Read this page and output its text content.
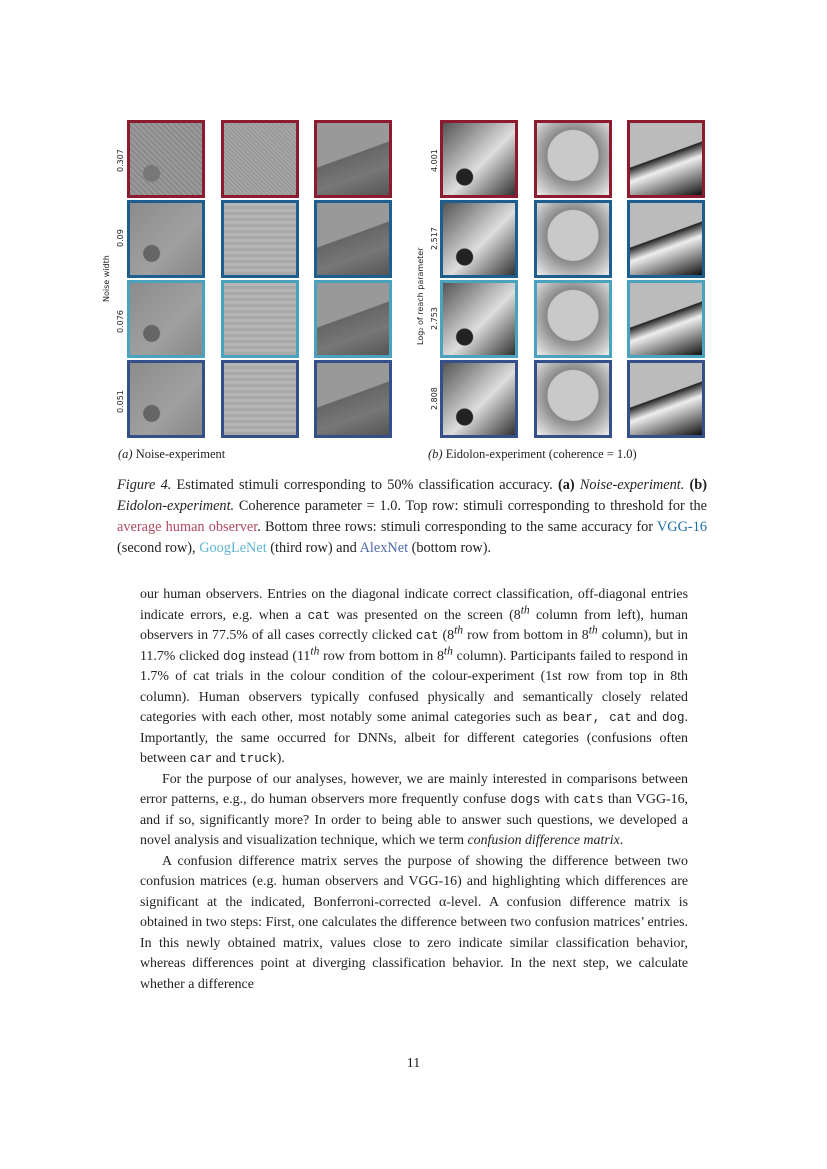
Noise width
0.307
0.09
0.076
0.051
(a) Noise-experiment
Log₂ of reach parameter
4.001
2.517
2.753
2.808
(b) Eidolon-experiment (coherence = 1.0)
Figure 4. Estimated stimuli corresponding to 50% classification accuracy. (a) Noise-experiment. (b) Eidolon-experiment. Coherence parameter = 1.0. Top row: stimuli corresponding to threshold for the average human observer. Bottom three rows: stimuli corresponding to the same accuracy for VGG-16 (second row), GoogLeNet (third row) and AlexNet (bottom row).

our human observers. Entries on the diagonal indicate correct classification, off-diagonal entries indicate errors, e.g. when a cat was presented on the screen (8th column from left), human observers in 77.5% of all cases correctly clicked cat (8th row from bottom in 8th column), but in 11.7% clicked dog instead (11th row from bottom in 8th column). Participants failed to respond in 1.7% of cat trials in the colour condition of the colour-experiment (1st row from top in 8th column). Human observers typically confused physically and semantically closely related categories with each other, most notably some animal categories such as bear, cat and dog. Importantly, the same occurred for DNNs, albeit for different categories (confusions often between car and truck).

For the purpose of our analyses, however, we are mainly interested in comparisons between error patterns, e.g., do human observers more frequently confuse dogs with cats than VGG-16, and if so, significantly more? In order to being able to answer such questions, we developed a novel analysis and visualization technique, which we term confusion difference matrix.

A confusion difference matrix serves the purpose of showing the difference between two confusion matrices (e.g. human observers and VGG-16) and highlighting which differences are significant at the indicated, Bonferroni-corrected α-level. A confusion difference matrix is obtained in two steps: First, one calculates the difference between two confusion matrices’ entries. In this newly obtained matrix, values close to zero indicate similar classification behavior, whereas differences point at diverging classification behavior. In the next step, we calculate whether a difference

11
